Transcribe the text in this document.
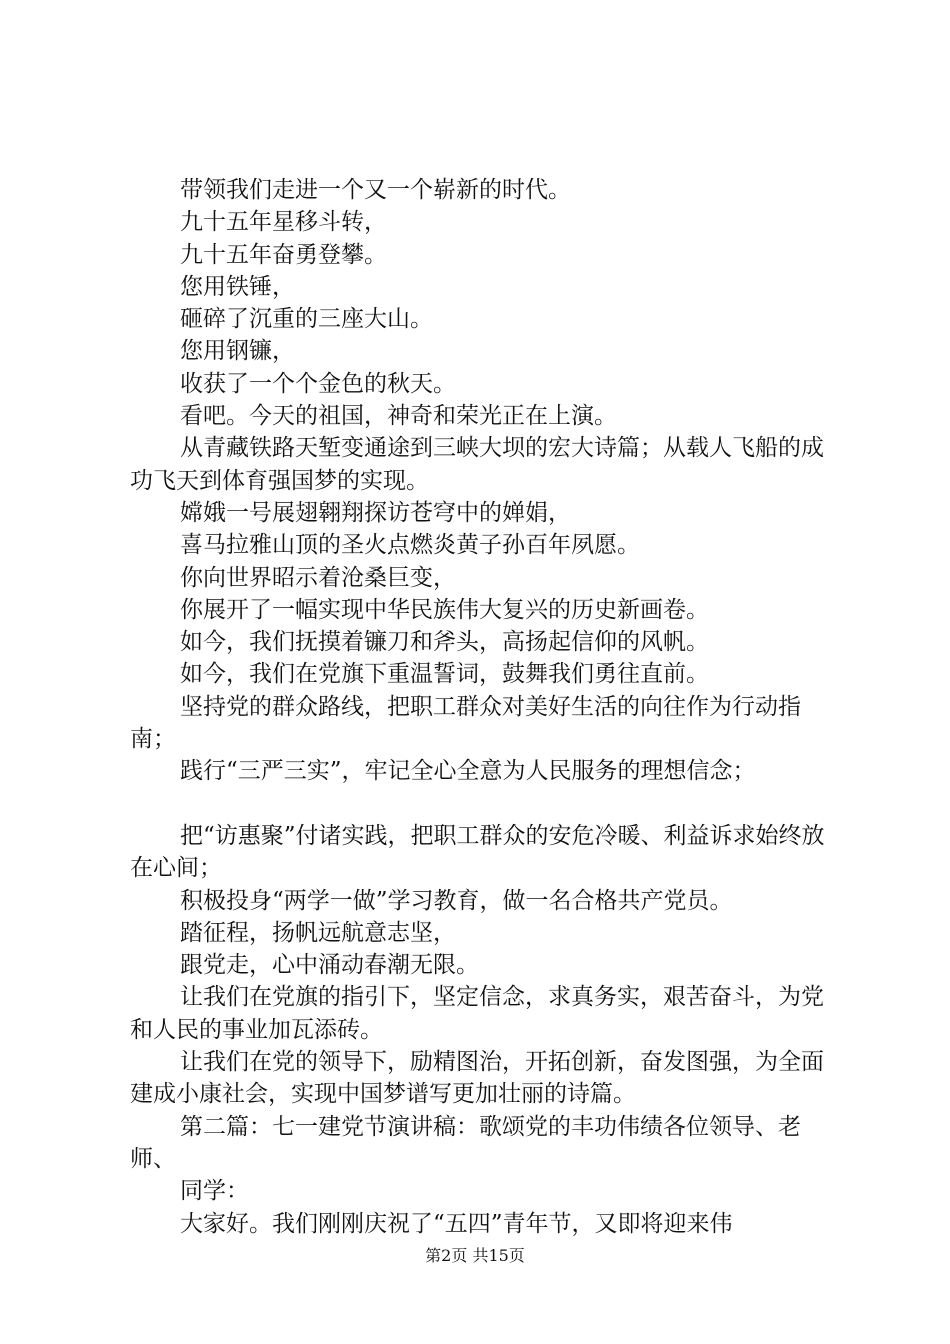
带领我们走进一个又一个崭新的时代。

九十五年星移斗转，

九十五年奋勇登攀。

您用铁锤，

砸碎了沉重的三座大山。

您用钢镰，

收获了一个个金色的秋天。

看吧。今天的祖国，神奇和荣光正在上演。

从青藏铁路天堑变通途到三峡大坝的宏大诗篇；从载人飞船的成功飞天到体育强国梦的实现。

嫦娥一号展翅翱翔探访苍穹中的婵娟，

喜马拉雅山顶的圣火点燃炎黄子孙百年夙愿。

你向世界昭示着沧桑巨变，

你展开了一幅实现中华民族伟大复兴的历史新画卷。

如今，我们抚摸着镰刀和斧头，高扬起信仰的风帆。

如今，我们在党旗下重温誓词，鼓舞我们勇往直前。

坚持党的群众路线，把职工群众对美好生活的向往作为行动指南；

践行“三严三实”，牢记全心全意为人民服务的理想信念；

把“访惠聚”付诸实践，把职工群众的安危冷暖、利益诉求始终放在心间；

积极投身“两学一做”学习教育，做一名合格共产党员。

踏征程，扬帆远航意志坚，

跟党走，心中涌动春潮无限。

让我们在党旗的指引下，坚定信念，求真务实，艰苦奋斗，为党和人民的事业加瓦添砖。

让我们在党的领导下，励精图治，开拓创新，奋发图强，为全面建成小康社会，实现中国梦谱写更加壮丽的诗篇。

第二篇：七一建党节演讲稿：歌颂党的丰功伟绩各位领导、老师、

同学：

大家好。我们刚刚庆祝了“五四”青年节，又即将迎来伟

第2页 共15页
